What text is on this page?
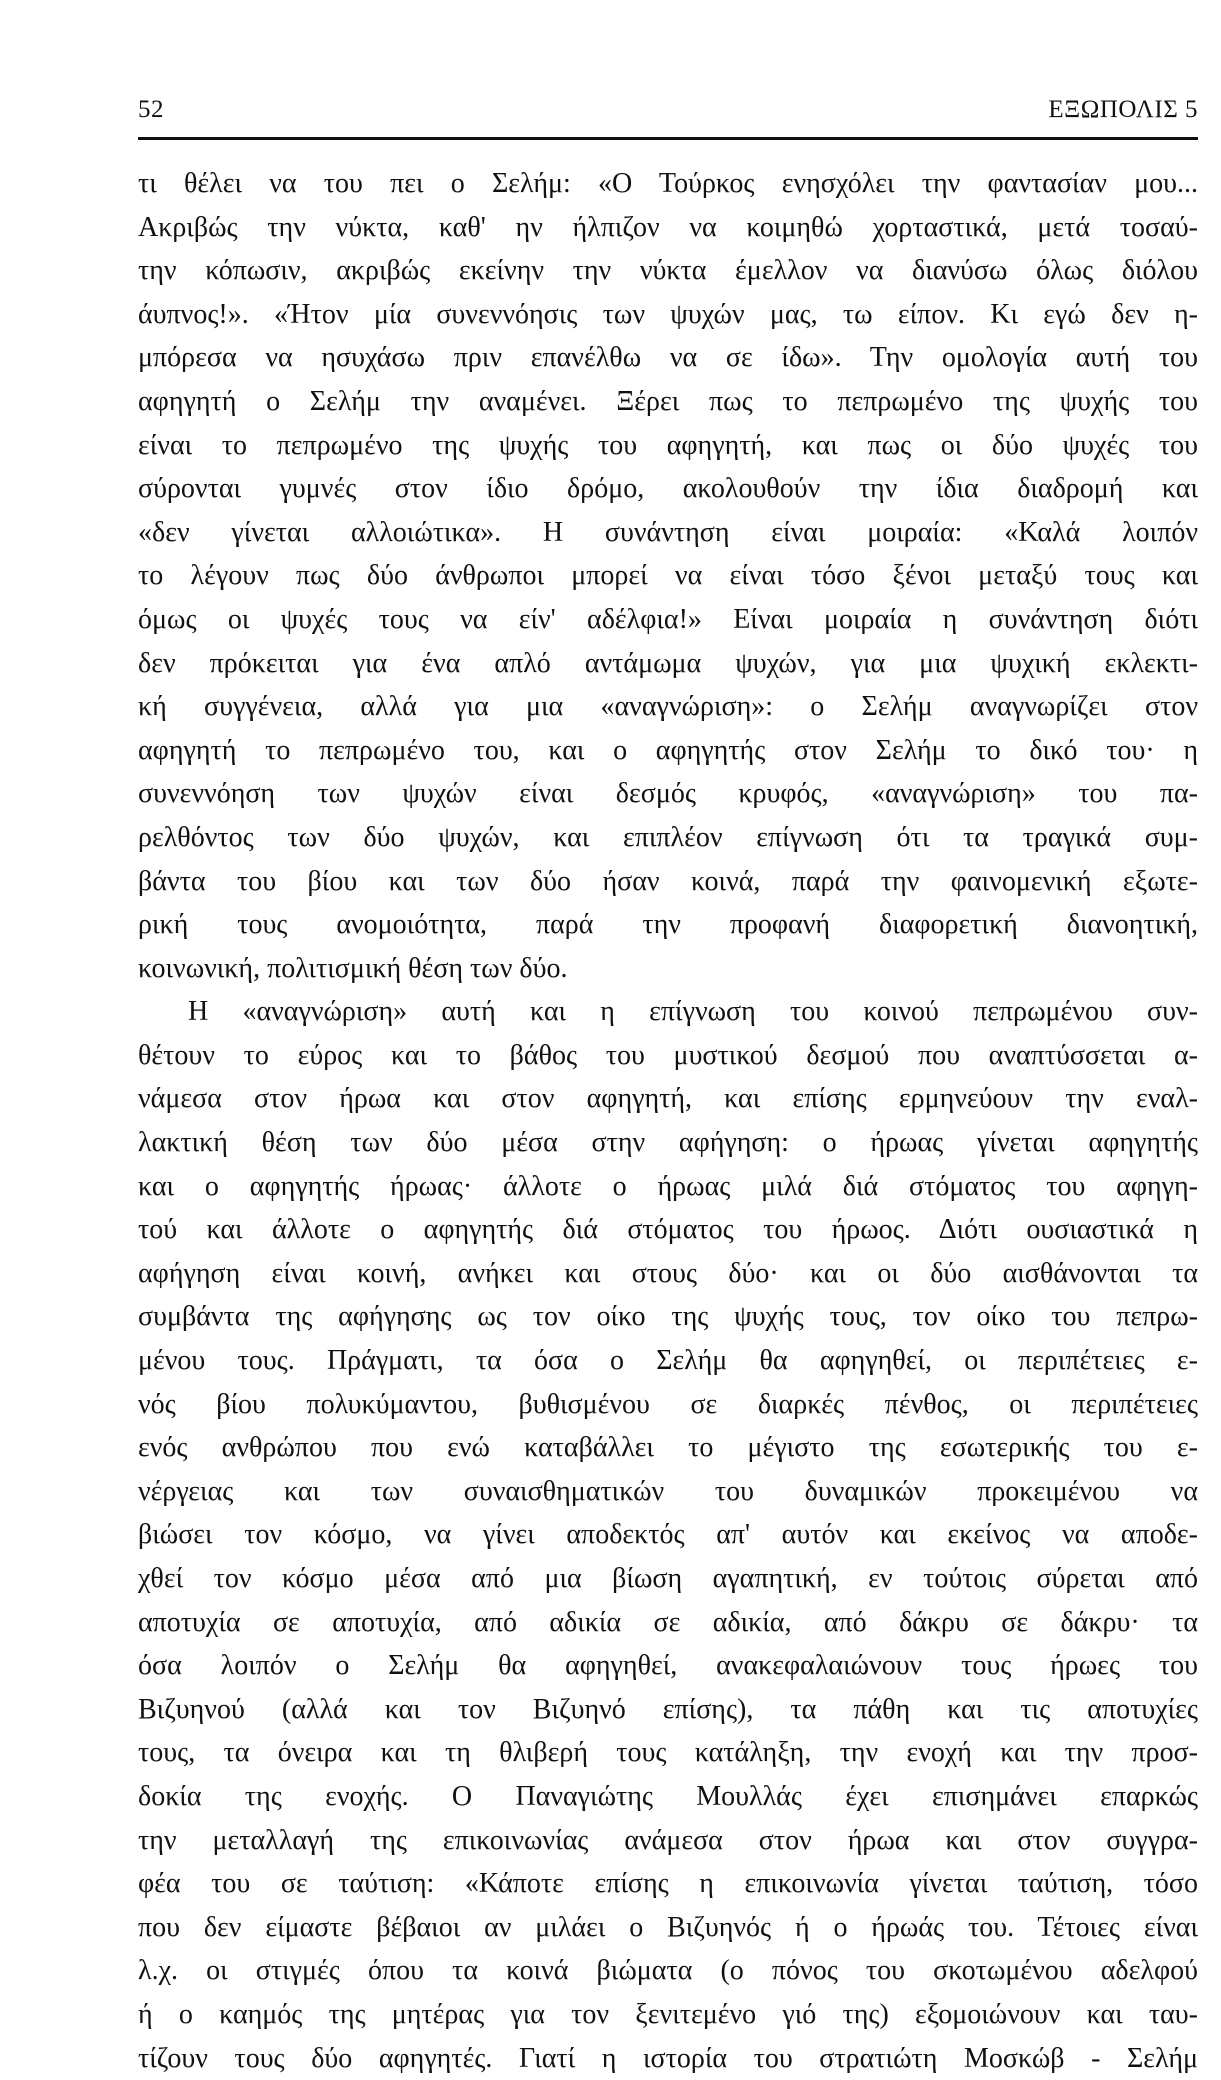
52	ΕΞΩΠΟΛΙΣ 5
τι θέλει να του πει ο Σελήμ: «Ο Τούρκος ενησχόλει την φαντασίαν μου...
Ακριβώς την νύκτα, καθ' ην ήλπιζον να κοιμηθώ χορταστικά, μετά τοσαύ-
την κόπωσιν, ακριβώς εκείνην την νύκτα έμελλον να διανύσω όλως διόλου
άυπνος!». «Ήτον μία συνεννόησις των ψυχών μας, τω είπον. Κι εγώ δεν η-
μπόρεσα να ησυχάσω πριν επανέλθω να σε ίδω». Την ομολογία αυτή του
αφηγητή ο Σελήμ την αναμένει. Ξέρει πως το πεπρωμένο της ψυχής του
είναι το πεπρωμένο της ψυχής του αφηγητή, και πως οι δύο ψυχές του
σύρονται γυμνές στον ίδιο δρόμο, ακολουθούν την ίδια διαδρομή και
«δεν γίνεται αλλοιώτικα». Η συνάντηση είναι μοιραία: «Καλά λοιπόν
το λέγουν πως δύο άνθρωποι μπορεί να είναι τόσο ξένοι μεταξύ τους και
όμως οι ψυχές τους να είν' αδέλφια!» Είναι μοιραία η συνάντηση διότι
δεν πρόκειται για ένα απλό αντάμωμα ψυχών, για μια ψυχική εκλεκτι-
κή συγγένεια, αλλά για μια «αναγνώριση»: ο Σελήμ αναγνωρίζει στον
αφηγητή το πεπρωμένο του, και ο αφηγητής στον Σελήμ το δικό του· η
συνεννόηση των ψυχών είναι δεσμός κρυφός, «αναγνώριση» του πα-
ρελθόντος των δύο ψυχών, και επιπλέον επίγνωση ότι τα τραγικά συμ-
βάντα του βίου και των δύο ήσαν κοινά, παρά την φαινομενική εξωτε-
ρική τους ανομοιότητα, παρά την προφανή διαφορετική διανοητική,
κοινωνική, πολιτισμική θέση των δύο.
Η «αναγνώριση» αυτή και η επίγνωση του κοινού πεπρωμένου συν-
θέτουν το εύρος και το βάθος του μυστικού δεσμού που αναπτύσσεται α-
νάμεσα στον ήρωα και στον αφηγητή, και επίσης ερμηνεύουν την εναλ-
λακτική θέση των δύο μέσα στην αφήγηση: ο ήρωας γίνεται αφηγητής
και ο αφηγητής ήρωας· άλλοτε ο ήρωας μιλά διά στόματος του αφηγη-
τού και άλλοτε ο αφηγητής διά στόματος του ήρωος. Διότι ουσιαστικά η
αφήγηση είναι κοινή, ανήκει και στους δύο· και οι δύο αισθάνονται τα
συμβάντα της αφήγησης ως τον οίκο της ψυχής τους, τον οίκο του πεπρω-
μένου τους. Πράγματι, τα όσα ο Σελήμ θα αφηγηθεί, οι περιπέτειες ε-
νός βίου πολυκύμαντου, βυθισμένου σε διαρκές πένθος, οι περιπέτειες
ενός ανθρώπου που ενώ καταβάλλει το μέγιστο της εσωτερικής του ε-
νέργειας και των συναισθηματικών του δυναμικών προκειμένου να
βιώσει τον κόσμο, να γίνει αποδεκτός απ' αυτόν και εκείνος να αποδε-
χθεί τον κόσμο μέσα από μια βίωση αγαπητική, εν τούτοις σύρεται από
αποτυχία σε αποτυχία, από αδικία σε αδικία, από δάκρυ σε δάκρυ· τα
όσα λοιπόν ο Σελήμ θα αφηγηθεί, ανακεφαλαιώνουν τους ήρωες του
Βιζυηνού (αλλά και τον Βιζυηνό επίσης), τα πάθη και τις αποτυχίες
τους, τα όνειρα και τη θλιβερή τους κατάληξη, την ενοχή και την προσ-
δοκία της ενοχής. Ο Παναγιώτης Μουλλάς έχει επισημάνει επαρκώς
την μεταλλαγή της επικοινωνίας ανάμεσα στον ήρωα και στον συγγρα-
φέα του σε ταύτιση: «Κάποτε επίσης η επικοινωνία γίνεται ταύτιση, τόσο
που δεν είμαστε βέβαιοι αν μιλάει ο Βιζυηνός ή ο ήρωάς του. Τέτοιες είναι
λ.χ. οι στιγμές όπου τα κοινά βιώματα (ο πόνος του σκοτωμένου αδελφού
ή ο καημός της μητέρας για τον ξενιτεμένο γιό της) εξομοιώνουν και ταυ-
τίζουν τους δύο αφηγητές. Γιατί η ιστορία του στρατιώτη Μοσκώβ - Σελήμ
